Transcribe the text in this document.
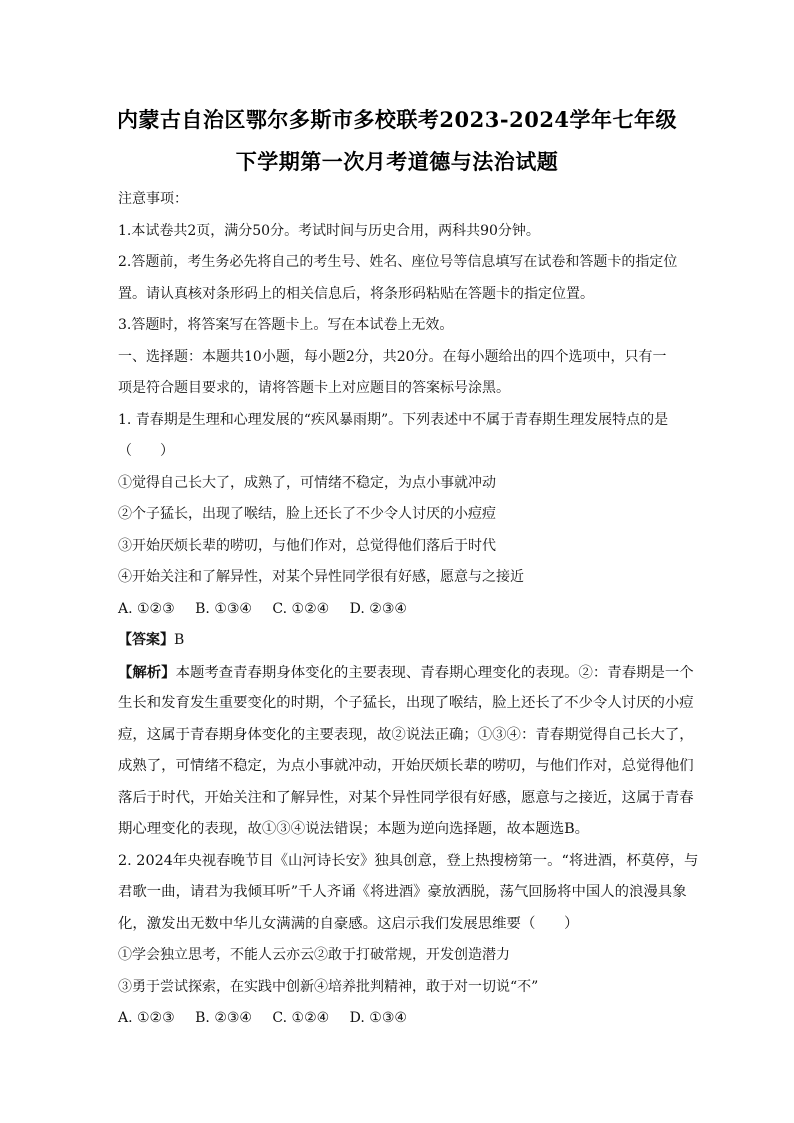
内蒙古自治区鄂尔多斯市多校联考2023-2024学年七年级
下学期第一次月考道德与法治试题
注意事项：
1.本试卷共2页，满分50分。考试时间与历史合用，两科共90分钟。
2.答题前，考生务必先将自己的考生号、姓名、座位号等信息填写在试卷和答题卡的指定位
置。请认真核对条形码上的相关信息后，将条形码粘贴在答题卡的指定位置。
3.答题时，将答案写在答题卡上。写在本试卷上无效。
一、选择题：本题共10小题，每小题2分，共20分。在每小题给出的四个选项中，只有一
项是符合题目要求的，请将答题卡上对应题目的答案标号涂黑。
1. 青春期是生理和心理发展的“疾风暴雨期”。下列表述中不属于青春期生理发展特点的是
（　　）
①觉得自己长大了，成熟了，可情绪不稳定，为点小事就冲动
②个子猛长，出现了喉结，脸上还长了不少令人讨厌的小痘痘
③开始厌烦长辈的唠叨，与他们作对，总觉得他们落后于时代
④开始关注和了解异性，对某个异性同学很有好感，愿意与之接近
A. ①②③ B. ①③④ C. ①②④ D. ②③④
【答案】B
【解析】本题考查青春期身体变化的主要表现、青春期心理变化的表现。②：青春期是一个
生长和发育发生重要变化的时期，个子猛长，出现了喉结，脸上还长了不少令人讨厌的小痘
痘，这属于青春期身体变化的主要表现，故②说法正确；①③④：青春期觉得自己长大了，
成熟了，可情绪不稳定，为点小事就冲动，开始厌烦长辈的唠叨，与他们作对，总觉得他们
落后于时代，开始关注和了解异性，对某个异性同学很有好感，愿意与之接近，这属于青春
期心理变化的表现，故①③④说法错误；本题为逆向选择题，故本题选B。
2. 2024年央视春晚节目《山河诗长安》独具创意，登上热搜榜第一。“将进酒，杯莫停，与
君歌一曲，请君为我倾耳听”千人齐诵《将进酒》豪放洒脱，荡气回肠将中国人的浪漫具象
化，激发出无数中华儿女满满的自豪感。这启示我们发展思维要（　　）
①学会独立思考，不能人云亦云②敢于打破常规，开发创造潜力
③勇于尝试探索，在实践中创新④培养批判精神，敢于对一切说“不”
A. ①②③ B. ②③④ C. ①②④ D. ①③④
